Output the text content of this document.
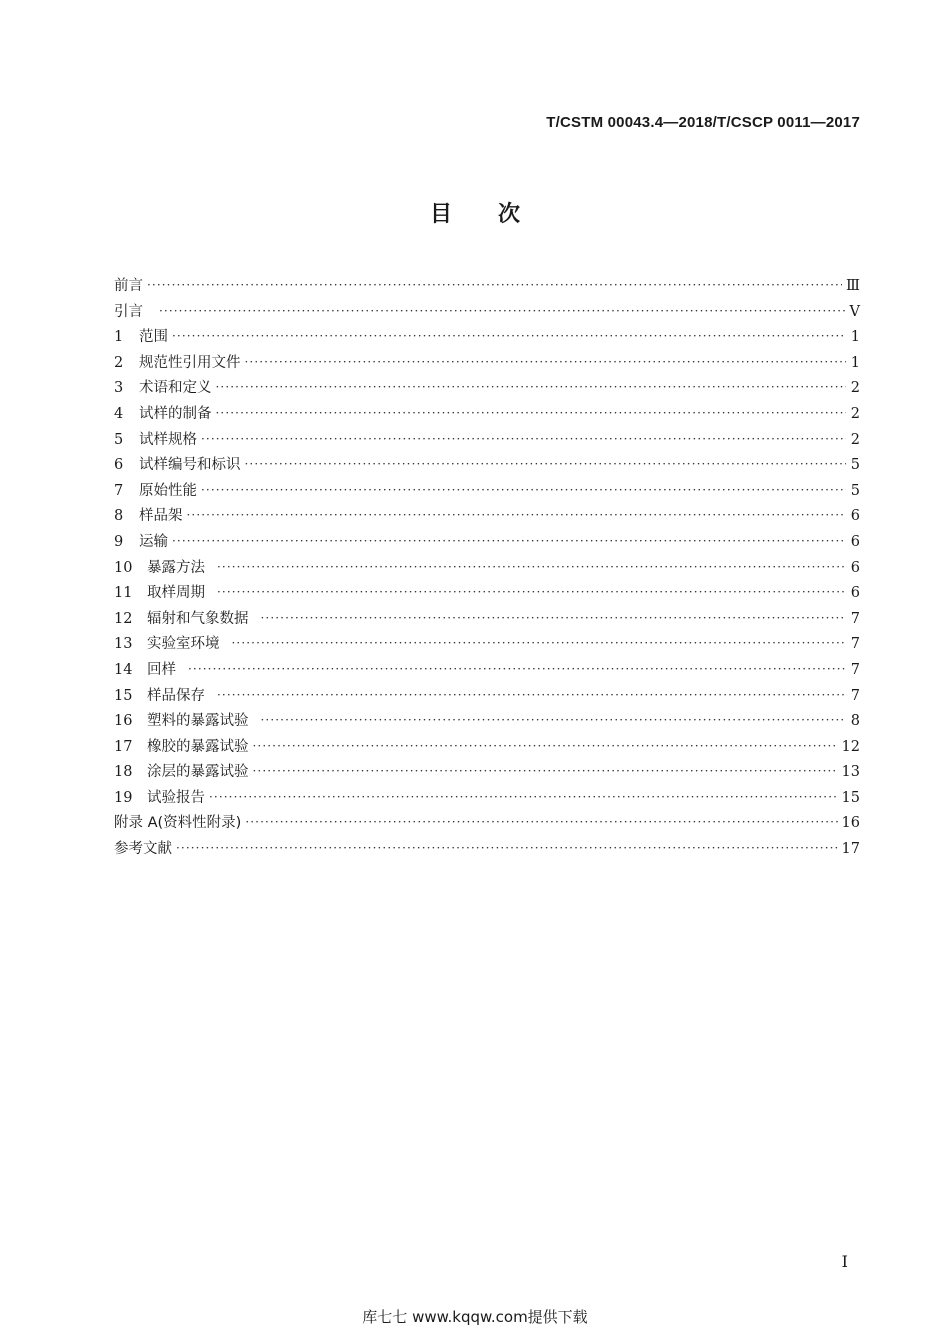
T/CSTM 00043.4—2018/T/CSCP 0011—2017
目次
前言 ·····	Ⅲ
引言 ·····	V
1	范围 ·····	1
2	规范性引用文件 ·····	1
3	术语和定义 ·····	2
4	试样的制备 ·····	2
5	试样规格 ·····	2
6	试样编号和标识 ·····	5
7	原始性能 ·····	5
8	样品架 ·····	6
9	运输 ·····	6
10	暴露方法 ·····	6
11	取样周期 ·····	6
12	辐射和气象数据 ·····	7
13	实验室环境 ·····	7
14	回样 ·····	7
15	样品保存 ·····	7
16	塑料的暴露试验 ·····	8
17	橡胶的暴露试验 ·····	12
18	涂层的暴露试验 ·····	13
19	试验报告 ·····	15
附录 A(资料性附录) ·····	16
参考文献 ·····	17
I
库七七 www.kqqw.com提供下载
